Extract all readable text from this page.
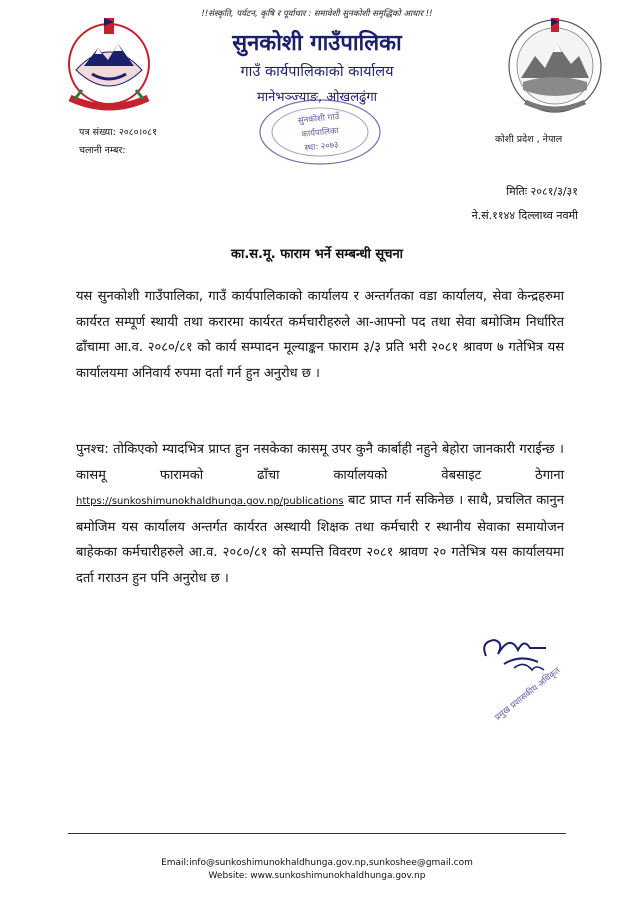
!!संस्कृति, पर्यटन, कृषि र पूर्वाधार : समावेशी सुनकोशी समृद्धिको आधार !!
सुनकोशी गाउँपालिका
गाउँ कार्यपालिकाको कार्यालय
मानेभञ्ज्याङ, ओखलढुंगा
सुनकोशी गाउँ
कार्यपालिका
स्था: २०७३
पत्र संख्या: २०८०।०८१
चलानी नम्बर:
कोशी प्रदेश , नेपाल
मितिः २०८१/३/३१
ने.सं.११४४ दिल्लाथ्व नवमी
का.स.मू. फाराम भर्ने सम्बन्धी सूचना

यस सुनकोशी गाउँपालिका, गाउँ कार्यपालिकाको कार्यालय र अन्तर्गतका वडा कार्यालय, सेवा केन्द्रहरुमा कार्यरत सम्पूर्ण स्थायी तथा करारमा कार्यरत कर्मचारीहरुले आ-आफ्नो पद तथा सेवा बमोजिम निर्धारित ढाँचामा आ.व. २०८०/८१ को कार्य सम्पादन मूल्याङ्कन फाराम ३/३ प्रति भरी २०८१ श्रावण ७ गतेभित्र यस कार्यालयमा अनिवार्य रुपमा दर्ता गर्न हुन अनुरोध छ ।

पुनश्च: तोकिएको म्यादभित्र प्राप्त हुन नसकेका कासमू उपर कुनै कार्बाही नहुने बेहोरा जानकारी गराईन्छ । कासमू फारामको ढाँचा कार्यालयको वेबसाइट ठेगाना https://sunkoshimunokhaldhunga.gov.np/publications बाट प्राप्त गर्न सकिनेछ । साथै, प्रचलित कानुन बमोजिम यस कार्यालय अन्तर्गत कार्यरत अस्थायी शिक्षक तथा कर्मचारी र स्थानीय सेवाका समायोजन बाहेकका कर्मचारीहरुले आ.व. २०८०/८१ को सम्पत्ति विवरण २०८१ श्रावण २० गतेभित्र यस कार्यालयमा दर्ता गराउन हुन पनि अनुरोध छ ।

प्रमुख प्रशासकीय अधिकृत
Email:info@sunkoshimunokhaldhunga.gov.np,sunkoshee@gmail.com
Website: www.sunkoshimunokhaldhunga.gov.np
